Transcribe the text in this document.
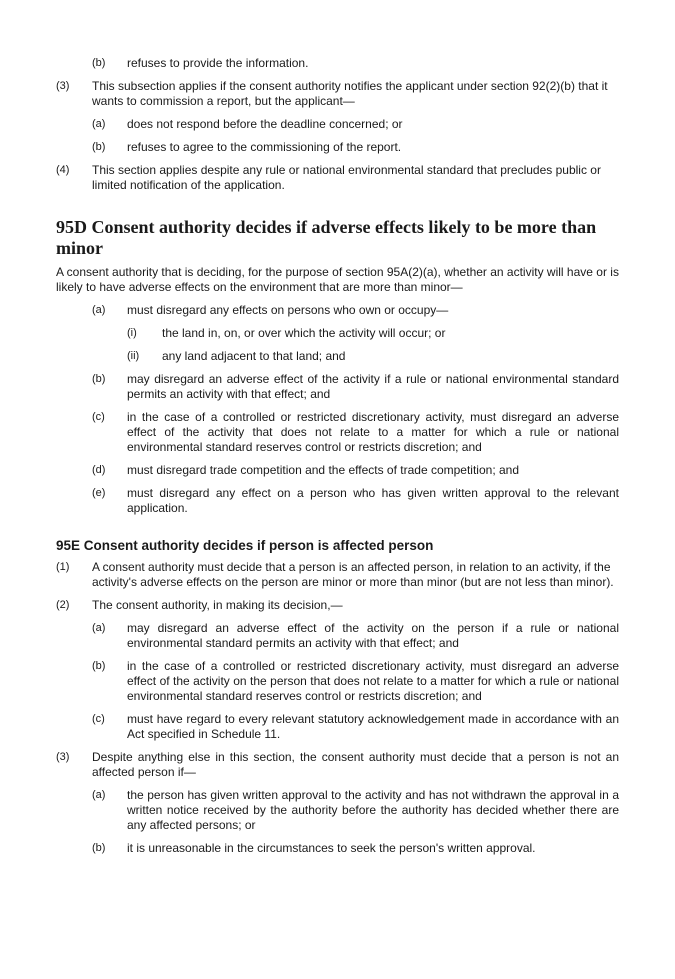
(b) refuses to provide the information.
(3) This subsection applies if the consent authority notifies the applicant under section 92(2)(b) that it wants to commission a report, but the applicant—
(a) does not respond before the deadline concerned; or
(b) refuses to agree to the commissioning of the report.
(4) This section applies despite any rule or national environmental standard that precludes public or limited notification of the application.
95D Consent authority decides if adverse effects likely to be more than minor

A consent authority that is deciding, for the purpose of section 95A(2)(a), whether an activity will have or is likely to have adverse effects on the environment that are more than minor—

(a) must disregard any effects on persons who own or occupy—
(i) the land in, on, or over which the activity will occur; or
(ii) any land adjacent to that land; and
(b) may disregard an adverse effect of the activity if a rule or national environmental standard permits an activity with that effect; and
(c) in the case of a controlled or restricted discretionary activity, must disregard an adverse effect of the activity that does not relate to a matter for which a rule or national environmental standard reserves control or restricts discretion; and
(d) must disregard trade competition and the effects of trade competition; and
(e) must disregard any effect on a person who has given written approval to the relevant application.
95E Consent authority decides if person is affected person
(1) A consent authority must decide that a person is an affected person, in relation to an activity, if the activity's adverse effects on the person are minor or more than minor (but are not less than minor).
(2) The consent authority, in making its decision,—
(a) may disregard an adverse effect of the activity on the person if a rule or national environmental standard permits an activity with that effect; and
(b) in the case of a controlled or restricted discretionary activity, must disregard an adverse effect of the activity on the person that does not relate to a matter for which a rule or national environmental standard reserves control or restricts discretion; and
(c) must have regard to every relevant statutory acknowledgement made in accordance with an Act specified in Schedule 11.
(3) Despite anything else in this section, the consent authority must decide that a person is not an affected person if—
(a) the person has given written approval to the activity and has not withdrawn the approval in a written notice received by the authority before the authority has decided whether there are any affected persons; or
(b) it is unreasonable in the circumstances to seek the person's written approval.
